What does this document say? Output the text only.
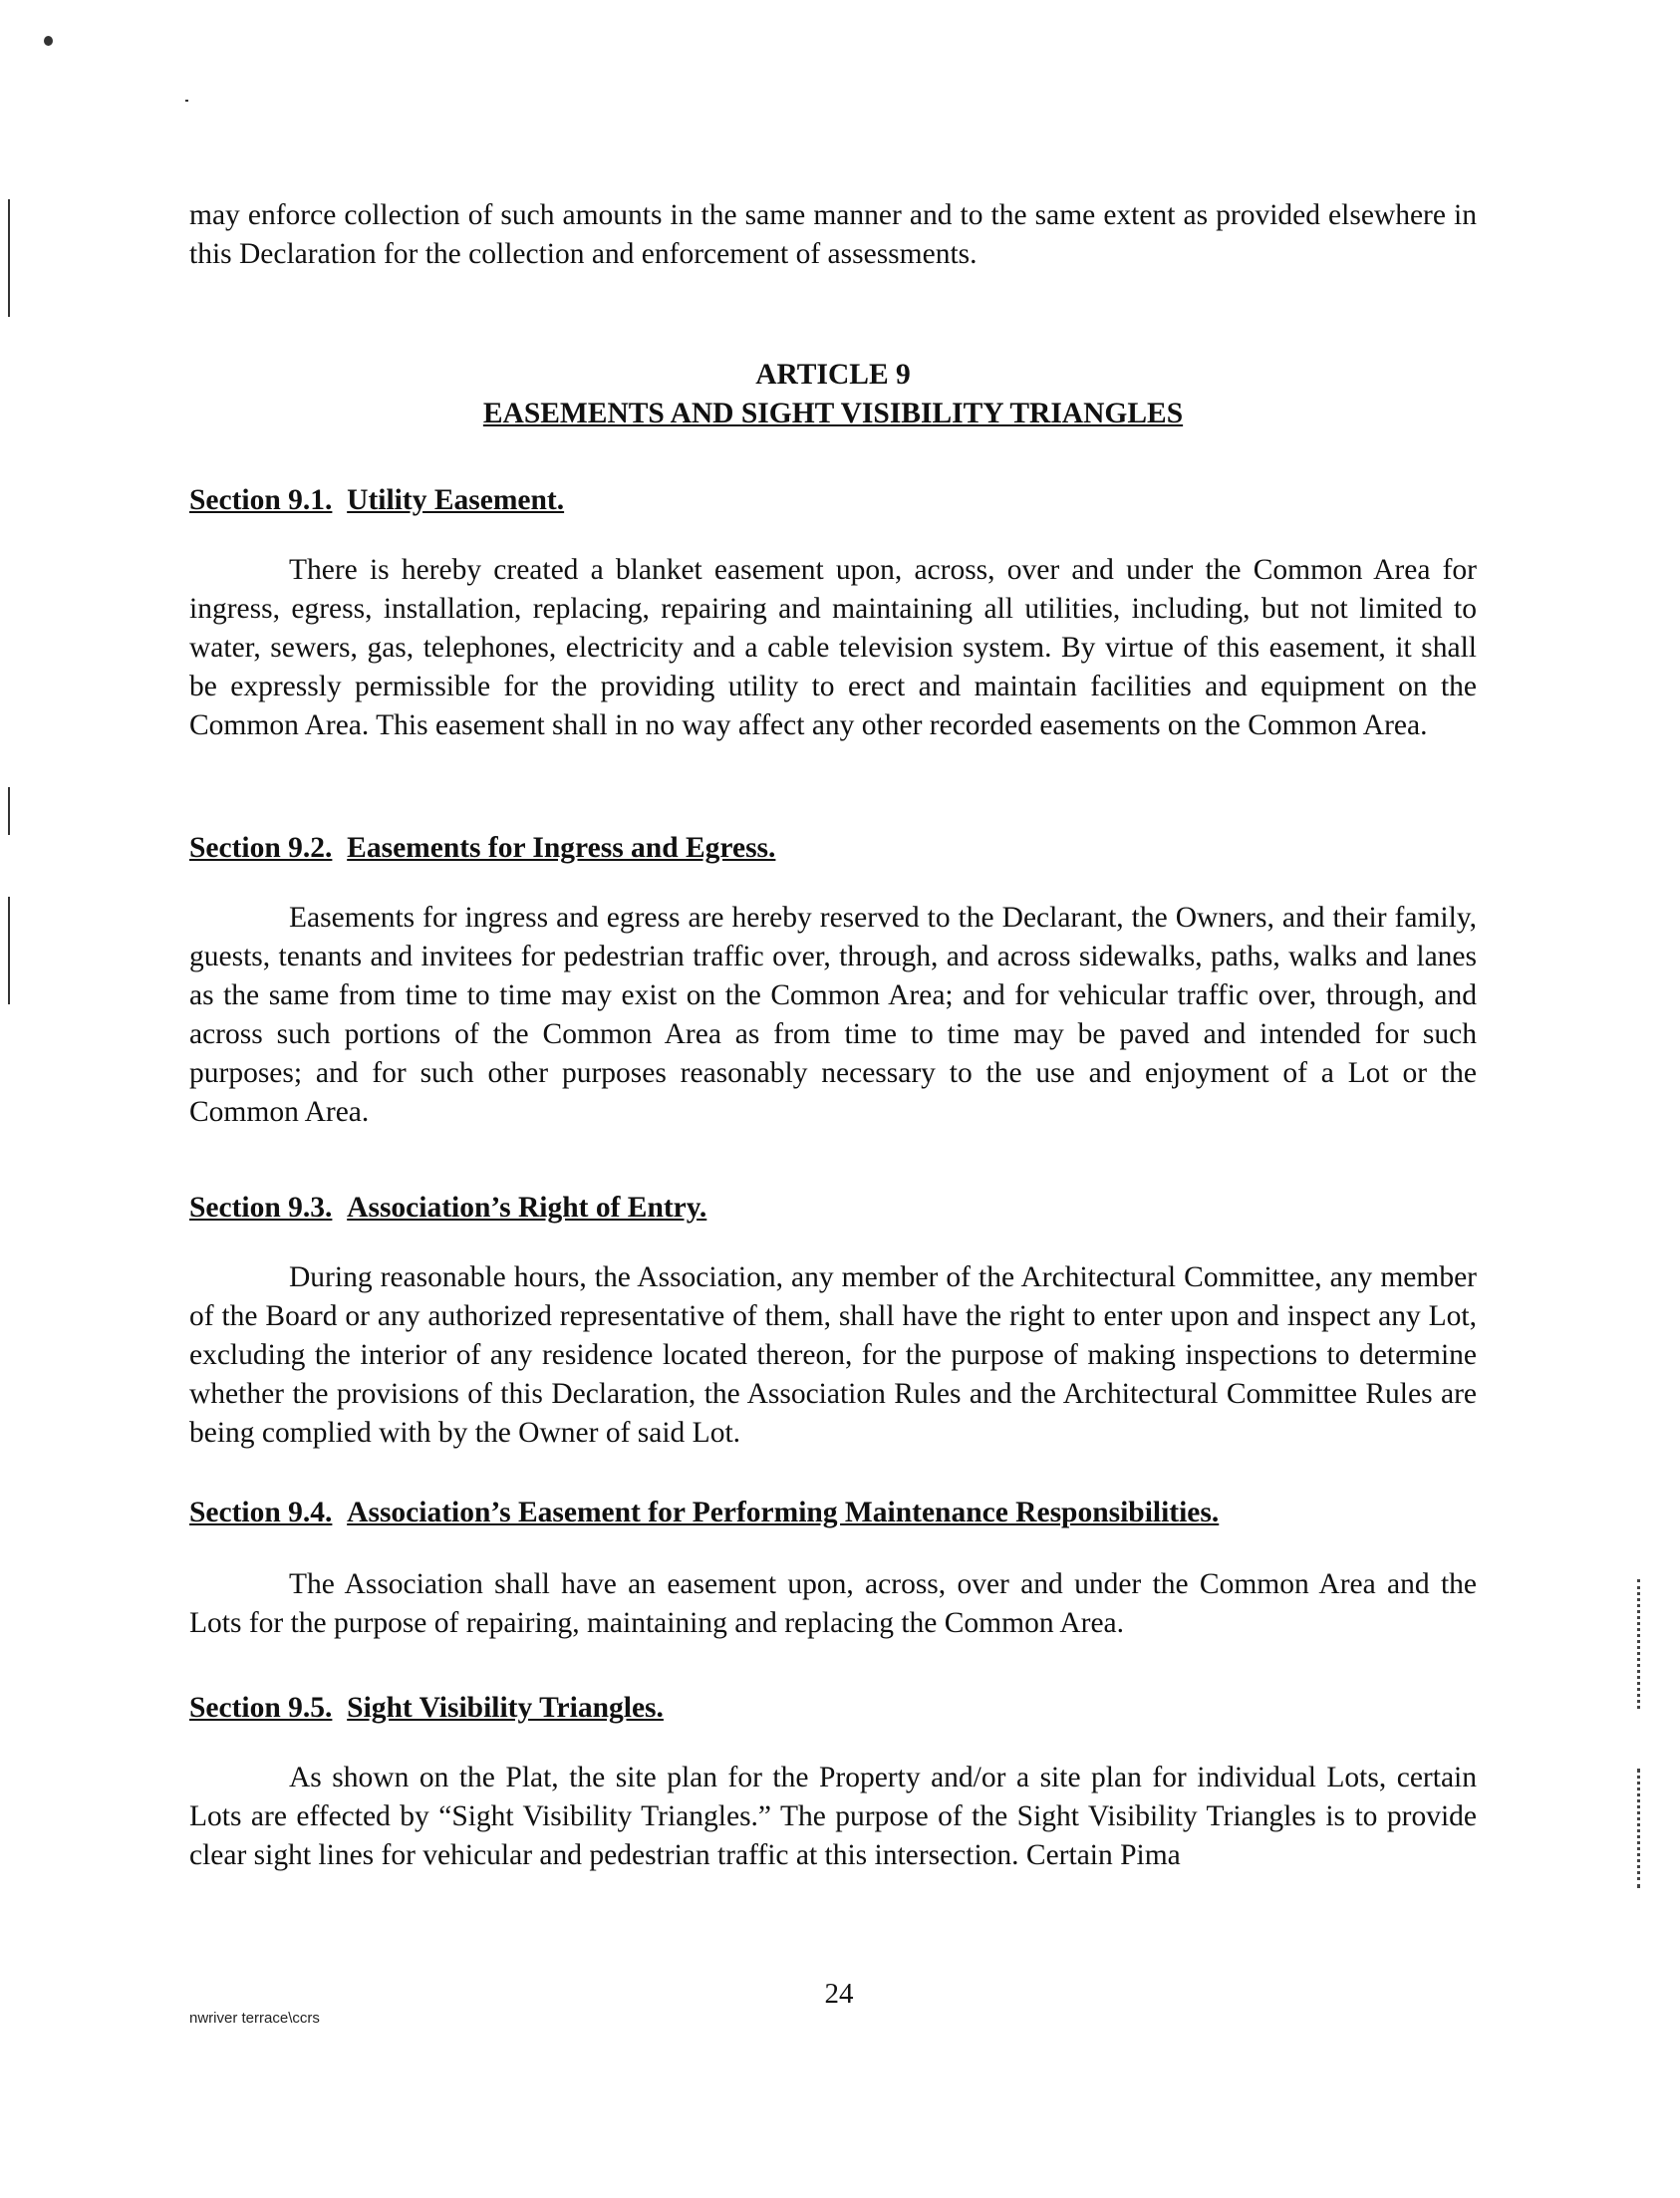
may enforce collection of such amounts in the same manner and to the same extent as provided elsewhere in this Declaration for the collection and enforcement of assessments.

ARTICLE 9
EASEMENTS AND SIGHT VISIBILITY TRIANGLES
Section 9.1. Utility Easement.

There is hereby created a blanket easement upon, across, over and under the Common Area for ingress, egress, installation, replacing, repairing and maintaining all utilities, including, but not limited to water, sewers, gas, telephones, electricity and a cable television system. By virtue of this easement, it shall be expressly permissible for the providing utility to erect and maintain facilities and equipment on the Common Area. This easement shall in no way affect any other recorded easements on the Common Area.

Section 9.2. Easements for Ingress and Egress.

Easements for ingress and egress are hereby reserved to the Declarant, the Owners, and their family, guests, tenants and invitees for pedestrian traffic over, through, and across sidewalks, paths, walks and lanes as the same from time to time may exist on the Common Area; and for vehicular traffic over, through, and across such portions of the Common Area as from time to time may be paved and intended for such purposes; and for such other purposes reasonably necessary to the use and enjoyment of a Lot or the Common Area.

Section 9.3. Association’s Right of Entry.

During reasonable hours, the Association, any member of the Architectural Committee, any member of the Board or any authorized representative of them, shall have the right to enter upon and inspect any Lot, excluding the interior of any residence located thereon, for the purpose of making inspections to determine whether the provisions of this Declaration, the Association Rules and the Architectural Committee Rules are being complied with by the Owner of said Lot.

Section 9.4. Association’s Easement for Performing Maintenance Responsibilities.

The Association shall have an easement upon, across, over and under the Common Area and the Lots for the purpose of repairing, maintaining and replacing the Common Area.

Section 9.5. Sight Visibility Triangles.

As shown on the Plat, the site plan for the Property and/or a site plan for individual Lots, certain Lots are effected by “Sight Visibility Triangles.” The purpose of the Sight Visibility Triangles is to provide clear sight lines for vehicular and pedestrian traffic at this intersection. Certain Pima

24
nwriver terrace\ccrs
